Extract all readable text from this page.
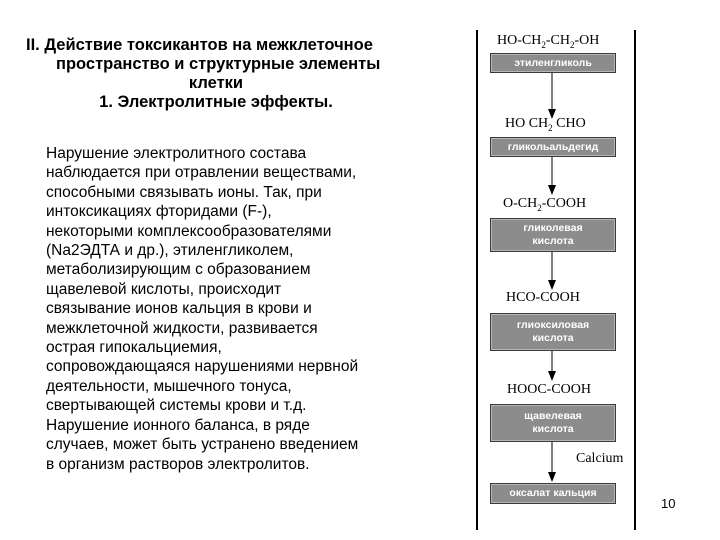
II. Действие токсикантов на межклеточное
пространство и структурные элементы
клетки
1. Электролитные эффекты.
Нарушение электролитного состава
наблюдается при отравлении веществами,
способными связывать ионы. Так, при
интоксикациях фторидами (F-),
некоторыми комплексообразователями
(Na2ЭДТА и др.), этиленгликолем,
метаболизирующим с образованием
щавелевой кислоты, происходит
связывание ионов кальция в крови и
межклеточной жидкости, развивается
острая гипокальциемия,
сопровождающаяся нарушениями нервной
деятельности, мышечного тонуса,
свертывающей системы крови и т.д.
Нарушение ионного баланса, в ряде
случаев, может быть устранено введением
в организм растворов электролитов.
$HO-CH_2-CH_2-OH$
этиленгликоль
HO $CH_2$ CHO
гликольальдегид
$O-CH_2$-COOH
гликолевая
кислота
HCO-COOH
глиоксиловая
кислота
HOOC-COOH
щавелевая
кислота
Calcium
оксалат кальция
10
